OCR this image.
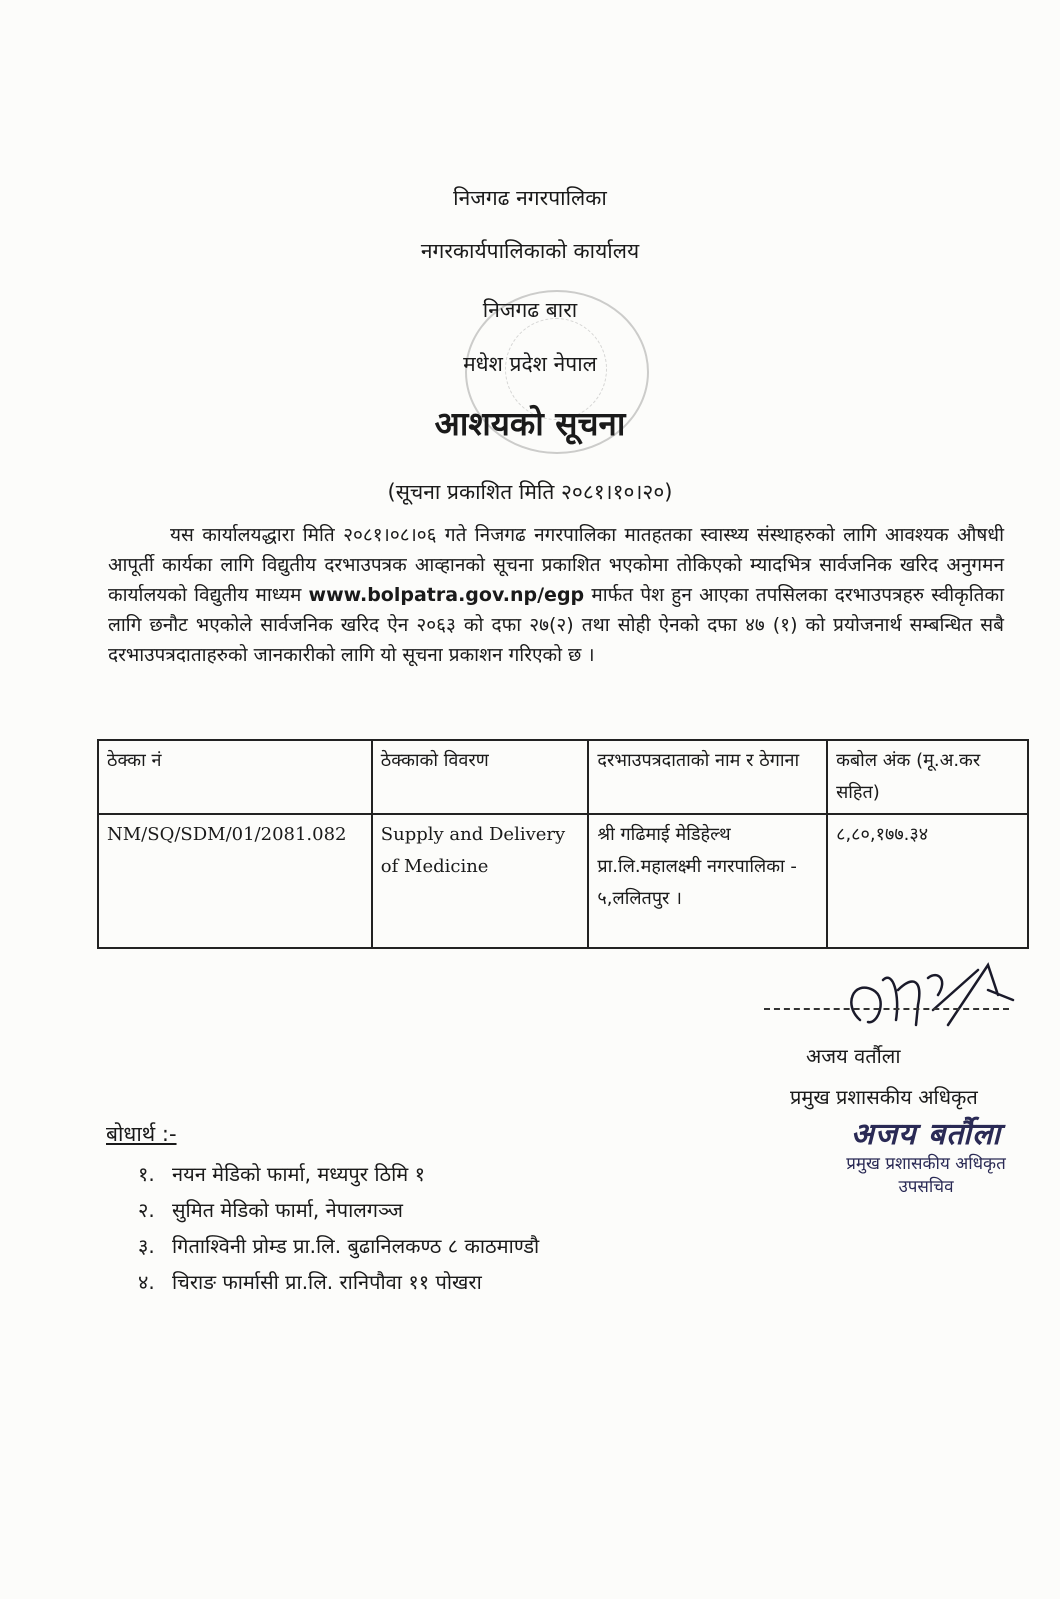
निजगढ नगरपालिका
नगरकार्यपालिकाको कार्यालय
निजगढ बारा
मधेश प्रदेश नेपाल
आशयको सूचना
(सूचना प्रकाशित मिति २०८१।१०।२०)
यस कार्यालयद्धारा मिति २०८१।०८।०६ गते निजगढ नगरपालिका मातहतका स्वास्थ्य संस्थाहरुको लागि आवश्यक औषधी आपूर्ती कार्यका लागि विद्युतीय दरभाउपत्रक आव्हानको सूचना प्रकाशित भएकोमा तोकिएको म्यादभित्र सार्वजनिक खरिद अनुगमन कार्यालयको विद्युतीय माध्यम www.bolpatra.gov.np/egp मार्फत पेश हुन आएका तपसिलका दरभाउपत्रहरु स्वीकृतिका लागि छनौट भएकोले सार्वजनिक खरिद ऐन २०६३ को दफा २७(२) तथा सोही ऐनको दफा ४७ (१) को प्रयोजनार्थ सम्बन्धित सबै दरभाउपत्रदाताहरुको जानकारीको लागि यो सूचना प्रकाशन गरिएको छ ।
ठेक्का नं	ठेक्काको विवरण	दरभाउपत्रदाताको नाम र ठेगाना	कबोल अंक (मू.अ.कर सहित)
NM/SQ/SDM/01/2081.082	Supply and Delivery of Medicine	श्री गढिमाई मेडिहेल्थ प्रा.लि.महालक्ष्मी नगरपालिका - ५,ललितपुर ।	८,८०,१७७.३४
अजय वर्तौला
प्रमुख प्रशासकीय अधिकृत
अजय बर्तौला
प्रमुख प्रशासकीय अधिकृत
उपसचिव
बोधार्थ :-
१. नयन मेडिको फार्मा, मध्यपुर ठिमि १
२. सुमित मेडिको फार्मा, नेपालगञ्ज
३. गिताश्विनी प्रोम्ड प्रा.लि. बुढानिलकण्ठ ८ काठमाण्डौ
४. चिराङ फार्मासी प्रा.लि. रानिपौवा ११ पोखरा
